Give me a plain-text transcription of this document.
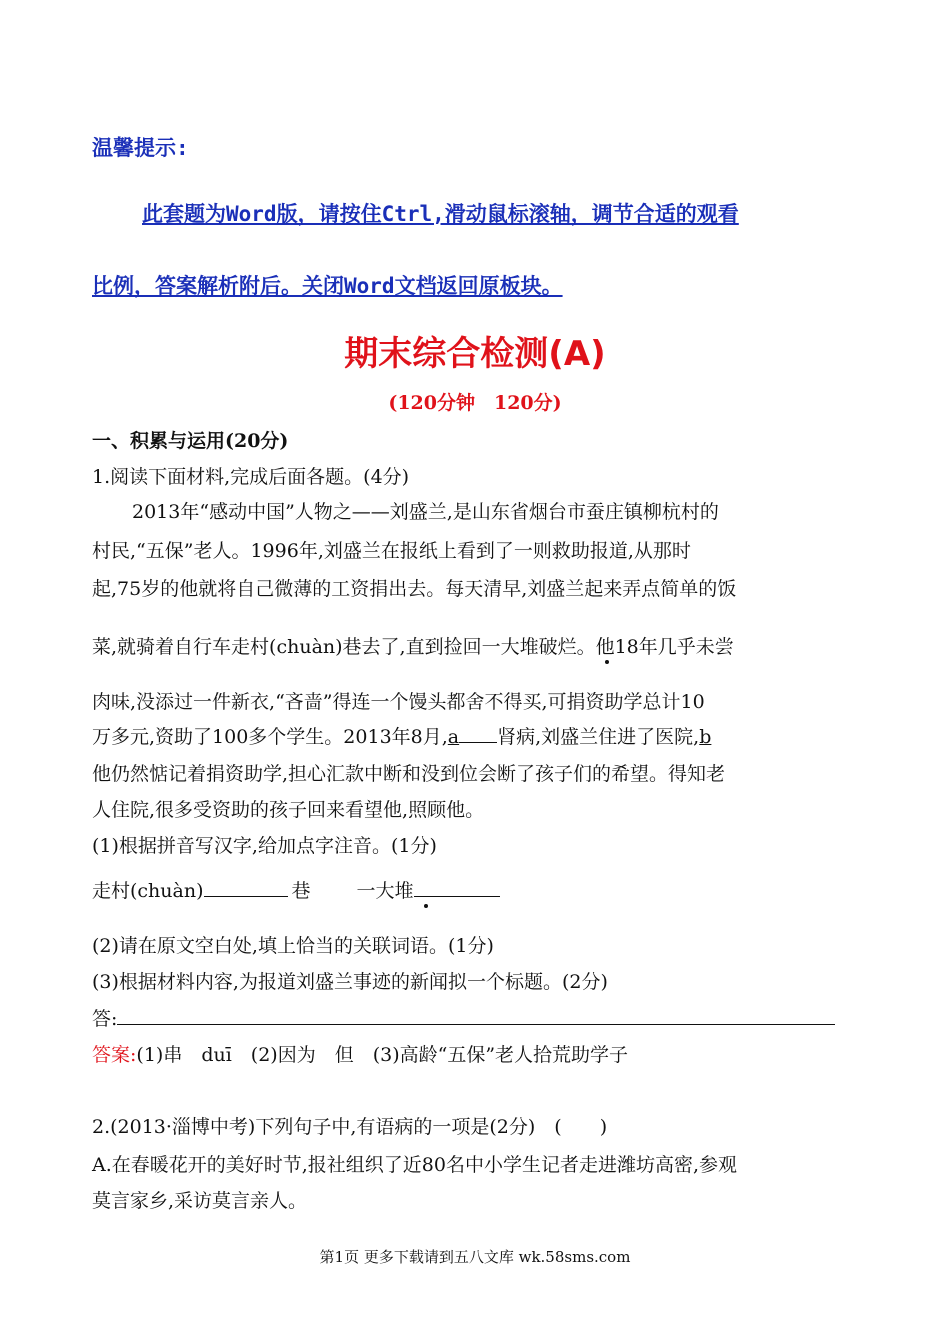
温馨提示:
此套题为Word版，请按住Ctrl,滑动鼠标滚轴，调节合适的观看
比例，答案解析附后。关闭Word文档返回原板块。
期末综合检测(A)
(120分钟　120分)
一、积累与运用(20分)
1.阅读下面材料,完成后面各题。(4分)
2013年“感动中国”人物之——刘盛兰,是山东省烟台市蚕庄镇柳杭村的
村民,“五保”老人。1996年,刘盛兰在报纸上看到了一则救助报道,从那时
起,75岁的他就将自己微薄的工资捐出去。每天清早,刘盛兰起来弄点简单的饭
菜,就骑着自行车走村(chuàn)巷去了,直到捡回一大堆破烂。他18年几乎未尝
肉味,没添过一件新衣,“吝啬”得连一个馒头都舍不得买,可捐资助学总计10
万多元,资助了100多个学生。2013年8月,a 肾病,刘盛兰住进了医院,b
他仍然惦记着捐资助学,担心汇款中断和没到位会断了孩子们的希望。得知老
人住院,很多受资助的孩子回来看望他,照顾他。
(1)根据拼音写汉字,给加点字注音。(1分)
走村(chuàn)	巷 一大堆
(2)请在原文空白处,填上恰当的关联词语。(1分)
(3)根据材料内容,为报道刘盛兰事迹的新闻拟一个标题。(2分)
答:
答案:(1)串　duī　(2)因为　但　(3)高龄“五保”老人拾荒助学子
2.(2013·淄博中考)下列句子中,有语病的一项是(2分)　(　　)
A.在春暖花开的美好时节,报社组织了近80名中小学生记者走进潍坊高密,参观
莫言家乡,采访莫言亲人。
第1页 更多下载请到五八文库 wk.58sms.com
